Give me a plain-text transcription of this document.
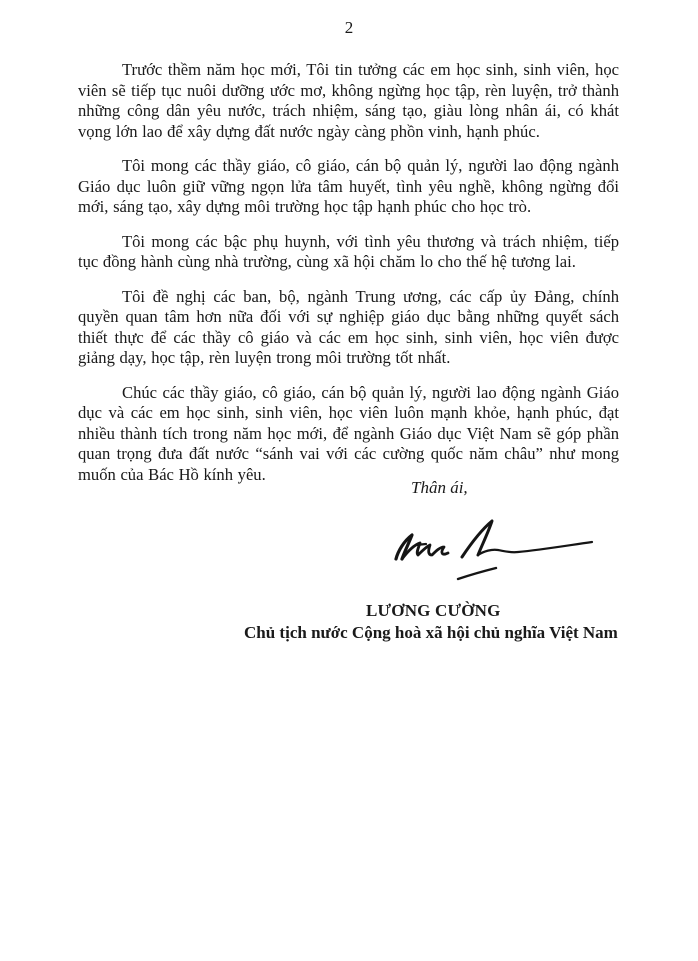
2

Trước thềm năm học mới, Tôi tin tưởng các em học sinh, sinh viên, học viên sẽ tiếp tục nuôi dưỡng ước mơ, không ngừng học tập, rèn luyện, trở thành những công dân yêu nước, trách nhiệm, sáng tạo, giàu lòng nhân ái, có khát vọng lớn lao để xây dựng đất nước ngày càng phồn vinh, hạnh phúc.

Tôi mong các thầy giáo, cô giáo, cán bộ quản lý, người lao động ngành Giáo dục luôn giữ vững ngọn lửa tâm huyết, tình yêu nghề, không ngừng đổi mới, sáng tạo, xây dựng môi trường học tập hạnh phúc cho học trò.

Tôi mong các bậc phụ huynh, với tình yêu thương và trách nhiệm, tiếp tục đồng hành cùng nhà trường, cùng xã hội chăm lo cho thế hệ tương lai.

Tôi đề nghị các ban, bộ, ngành Trung ương, các cấp ủy Đảng, chính quyền quan tâm hơn nữa đối với sự nghiệp giáo dục bằng những quyết sách thiết thực để các thầy cô giáo và các em học sinh, sinh viên, học viên được giảng dạy, học tập, rèn luyện trong môi trường tốt nhất.

Chúc các thầy giáo, cô giáo, cán bộ quản lý, người lao động ngành Giáo dục và các em học sinh, sinh viên, học viên luôn mạnh khỏe, hạnh phúc, đạt nhiều thành tích trong năm học mới, để ngành Giáo dục Việt Nam sẽ góp phần quan trọng đưa đất nước “sánh vai với các cường quốc năm châu” như mong muốn của Bác Hồ kính yêu.

Thân ái,
LƯƠNG CƯỜNG
Chủ tịch nước Cộng hoà xã hội chủ nghĩa Việt Nam
